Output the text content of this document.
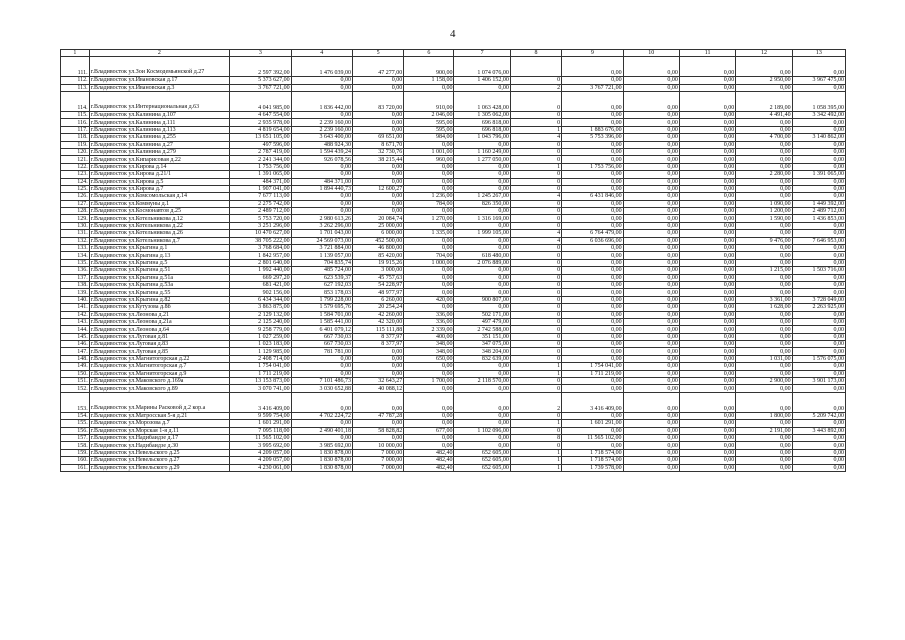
4
1	2	3	4	5	6	7	8	9	10	11	12	13
111.	г.Владивосток ул.Зои Космодемьянской д.27	2 597 392,00	1 476 039,00	47 277,00	900,00	1 074 076,00		0,00	0,00	0,00	0,00	0,00
112.	г.Владивосток ул.Ивановская д.17	5 373 627,00	0,00	0,00	1 158,00	1 406 152,00	0	0,00	0,00	0,00	2 950,00	3 967 475,00
113.	г.Владивосток ул.Ивановская д.3	3 767 721,00	0,00	0,00	0,00	0,00	2	3 767 721,00	0,00	0,00	0,00	0,00
114.	г.Владивосток ул.Интернациональная д.63	4 041 985,00	1 836 442,00	83 720,00	910,00	1 063 428,00	0	0,00	0,00	0,00	2 189,00	1 058 395,00
115.	г.Владивосток ул.Калинина д.107	4 647 554,00	0,00	0,00	2 046,00	1 305 062,00	0	0,00	0,00	0,00	4 491,40	3 342 492,00
116.	г.Владивосток ул.Калинина д.111	2 935 978,00	2 239 160,00	0,00	595,00	696 818,00	0	0,00	0,00	0,00	0,00	0,00
117.	г.Владивосток ул.Калинина д.113	4 819 654,00	2 239 160,00	0,00	595,00	696 818,00	1	1 883 676,00	0,00	0,00	0,00	0,00
118.	г.Владивосток ул.Калинина д.255	13 651 105,00	3 643 400,00	69 651,00	984,00	1 043 796,00	4	5 753 396,00	0,00	0,00	4 700,00	3 140 862,00
119.	г.Владивосток ул.Калинина д.27	497 596,00	488 924,30	8 671,70	0,00	0,00	0	0,00	0,00	0,00	0,00	0,00
120.	г.Владивосток ул.Калинина д.279	2 787 419,00	1 594 439,24	32 730,76	1 001,00	1 160 249,00	0	0,00	0,00	0,00	0,00	0,00
121.	г.Владивосток ул.Кипарисовая д.22	2 241 344,00	926 078,56	38 215,44	960,00	1 277 050,00	0	0,00	0,00	0,00	0,00	0,00
122.	г.Владивосток ул.Кирова д.14	1 753 756,00	0,00	0,00	0,00	0,00	1	1 753 756,00	0,00	0,00	0,00	0,00
123.	г.Владивосток ул.Кирова д.21/1	1 391 065,00	0,00	0,00	0,00	0,00	0	0,00	0,00	0,00	2 280,00	1 391 065,00
124.	г.Владивосток ул.Кирова д.5	484 371,00	484 371,00	0,00	0,00	0,00	0	0,00	0,00	0,00	0,00	0,00
125.	г.Владивосток ул.Кирова д.7	1 907 041,00	1 894 440,73	12 600,27	0,00	0,00	0	0,00	0,00	0,00	0,00	0,00
126.	г.Владивосток ул.Комсомольская д.14	7 677 113,00	0,00	0,00	1 236,00	1 245 267,00	4	6 431 846,00	0,00	0,00	0,00	0,00
127.	г.Владивосток ул.Коммуны д.1	2 275 742,00	0,00	0,00	784,00	826 350,00	0	0,00	0,00	0,00	1 090,00	1 449 392,00
128.	г.Владивосток ул.Космонавтов д.25	2 489 712,00	0,00	0,00	0,00	0,00	0	0,00	0,00	0,00	1 200,00	2 489 712,00
129.	г.Владивосток ул.Котельникова д.12	5 753 720,00	2 980 613,26	20 084,74	1 270,00	1 316 169,00	0	0,00	0,00	0,00	1 590,00	1 436 853,00
130.	г.Владивосток ул.Котельникова д.22	3 251 296,00	3 262 296,00	25 000,00	0,00	0,00	0	0,00	0,00	0,00	0,00	0,00
131.	г.Владивосток ул.Котельникова д.26	10 470 627,00	1 701 043,00	6 000,00	1 335,00	1 999 105,00	4	6 764 479,00	0,00	0,00	0,00	0,00
132.	г.Владивосток ул.Котельникова д.7	38 705 222,00	24 569 073,00	452 500,00	0,00	0,00	4	6 036 696,00	0,00	0,00	9 476,00	7 646 953,00
133.	г.Владивосток ул.Крыгина д.1	3 768 684,00	3 721 884,00	46 800,00	0,00	0,00	0	0,00	0,00	0,00	0,00	0,00
134.	г.Владивосток ул.Крыгина д.13	1 842 957,00	1 139 057,00	85 420,00	704,00	618 480,00	0	0,00	0,00	0,00	0,00	0,00
135.	г.Владивосток ул.Крыгина д.5	2 801 640,00	704 835,74	19 915,26	1 000,00	2 076 889,00	0	0,00	0,00	0,00	0,00	0,00
136.	г.Владивосток ул.Крыгина д.51	1 992 440,00	485 724,00	3 000,00	0,00	0,00	0	0,00	0,00	0,00	1 215,00	1 503 716,00
137.	г.Владивосток ул.Крыгина д.51а	669 297,20	623 539,37	45 757,63	0,00	0,00	0	0,00	0,00	0,00	0,00	0,00
138.	г.Владивосток ул.Крыгина д.53а	681 421,00	627 192,03	54 228,97	0,00	0,00	0	0,00	0,00	0,00	0,00	0,00
139.	г.Владивосток ул.Крыгина д.55	902 156,00	853 178,03	48 977,97	0,00	0,00	0	0,00	0,00	0,00	0,00	0,00
140.	г.Владивосток ул.Крыгина д.82	6 434 344,00	1 799 228,00	6 260,00	420,00	900 807,00	0	0,00	0,00	0,00	3 361,00	3 728 049,00
141.	г.Владивосток ул.Кутузова д.8б	3 863 875,00	1 579 695,76	20 254,24	0,00	0,00	0	0,00	0,00	0,00	1 628,00	2 263 925,00
142.	г.Владивосток ул.Леонова д.21	2 129 132,00	1 584 701,00	42 260,00	336,00	502 171,00	0	0,00	0,00	0,00	0,00	0,00
143.	г.Владивосток ул.Леонова д.21а	2 125 240,00	1 585 441,00	42 320,00	336,00	497 479,00	0	0,00	0,00	0,00	0,00	0,00
144.	г.Владивосток ул.Леонова д.64	9 258 779,00	6 401 079,12	115 111,88	2 339,00	2 742 588,00	0	0,00	0,00	0,00	0,00	0,00
145.	г.Владивосток ул.Луговая д.81	1 027 259,00	667 730,03	8 377,97	400,00	351 151,00	0	0,00	0,00	0,00	0,00	0,00
146.	г.Владивосток ул.Луговая д.83	1 023 183,00	667 730,03	8 377,97	348,00	347 075,00	0	0,00	0,00	0,00	0,00	0,00
147.	г.Владивосток ул.Луговая д.85	1 129 985,00	781 781,00	0,00	348,00	348 204,00	0	0,00	0,00	0,00	0,00	0,00
148.	г.Владивосток ул.Магнитогорская д.22	2 408 714,00	0,00	0,00	650,00	832 639,00	0	0,00	0,00	0,00	1 031,00	1 576 075,00
149.	г.Владивосток ул.Магнитогорская д.7	1 754 041,00	0,00	0,00	0,00	0,00	1	1 754 041,00	0,00	0,00	0,00	0,00
150.	г.Владивосток ул.Магнитогорская д.9	1 711 219,00	0,00	0,00	0,00	0,00	1	1 711 219,00	0,00	0,00	0,00	0,00
151.	г.Владивосток ул.Маковского д.169а	13 153 873,00	7 101 486,73	32 643,27	1 700,00	2 118 570,00	0	0,00	0,00	0,00	2 900,00	3 901 173,00
152.	г.Владивосток ул.Маковского д.89	3 070 741,00	3 030 652,88	40 088,12	0,00	0,00	0	0,00	0,00	0,00	0,00	0,00
153.	г.Владивосток ул.Марины Расковой д.2 кор.а	3 416 409,00	0,00	0,00	0,00	0,00	2	3 416 409,00	0,00	0,00	0,00	0,00
154.	г.Владивосток ул.Матросская 5-я д.21	9 599 754,00	4 702 224,72	47 787,28	0,00	0,00	0	0,00	0,00	0,00	1 800,00	5 209 742,00
155.	г.Владивосток ул.Морозова д.7	1 601 291,00	0,00	0,00	0,00	0,00	1	1 601 291,00	0,00	0,00	0,00	0,00
156.	г.Владивосток ул.Морская 1-я д.11	7 095 118,00	2 490 401,18	58 828,82	677,00	1 102 096,00	0	0,00	0,00	0,00	2 191,00	3 443 892,00
157.	г.Владивосток ул.Надибаидзе д.17	11 565 102,00	0,00	0,00	0,00	0,00	8	11 565 102,00	0,00	0,00	0,00	0,00
158.	г.Владивосток ул.Надибаидзе д.30	3 995 692,00	3 985 692,00	10 000,00	0,00	0,00	0	0,00	0,00	0,00	0,00	0,00
159.	г.Владивосток ул.Невельского д.25	4 209 057,00	1 830 878,00	7 000,00	482,40	652 605,00	1	1 718 574,00	0,00	0,00	0,00	0,00
160.	г.Владивосток ул.Невельского д.27	4 209 057,00	1 830 878,00	7 000,00	482,40	652 605,00	1	1 718 574,00	0,00	0,00	0,00	0,00
161.	г.Владивосток ул.Невельского д.29	4 230 061,00	1 830 878,00	7 000,00	482,40	652 605,00	1	1 739 578,00	0,00	0,00	0,00	0,00
